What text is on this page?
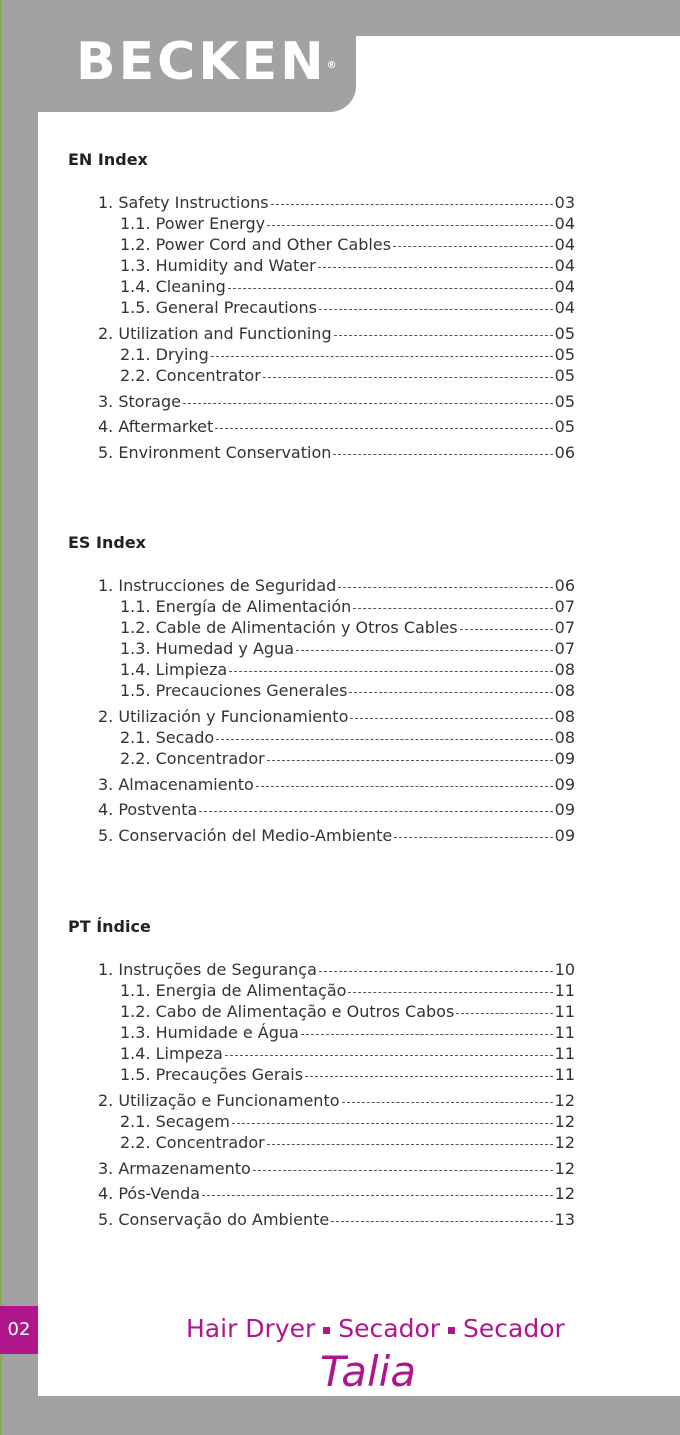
BECKEN®
EN Index
1. Safety Instructions	03
1.1. Power Energy	04
1.2. Power Cord and Other Cables	04
1.3. Humidity and Water	04
1.4. Cleaning	04
1.5. General Precautions	04
2. Utilization and Functioning	05
2.1. Drying	05
2.2. Concentrator	05
3. Storage	05
4. Aftermarket	05
5. Environment Conservation	06
ES Index
1. Instrucciones de Seguridad	06
1.1. Energía de Alimentación	07
1.2. Cable de Alimentación y Otros Cables	07
1.3. Humedad y Agua	07
1.4. Limpieza	08
1.5. Precauciones Generales	08
2. Utilización y Funcionamiento	08
2.1. Secado	08
2.2. Concentrador	09
3. Almacenamiento	09
4. Postventa	09
5. Conservación del Medio-Ambiente	09
PT Índice
1. Instruções de Segurança	10
1.1. Energia de Alimentação	11
1.2. Cabo de Alimentação e Outros Cabos	11
1.3. Humidade e Água	11
1.4. Limpeza	11
1.5. Precauções Gerais	11
2. Utilização e Funcionamento	12
2.1. Secagem	12
2.2. Concentrador	12
3. Armazenamento	12
4. Pós-Venda	12
5. Conservação do Ambiente	13
02	Hair Dryer Secador Secador
Talia
